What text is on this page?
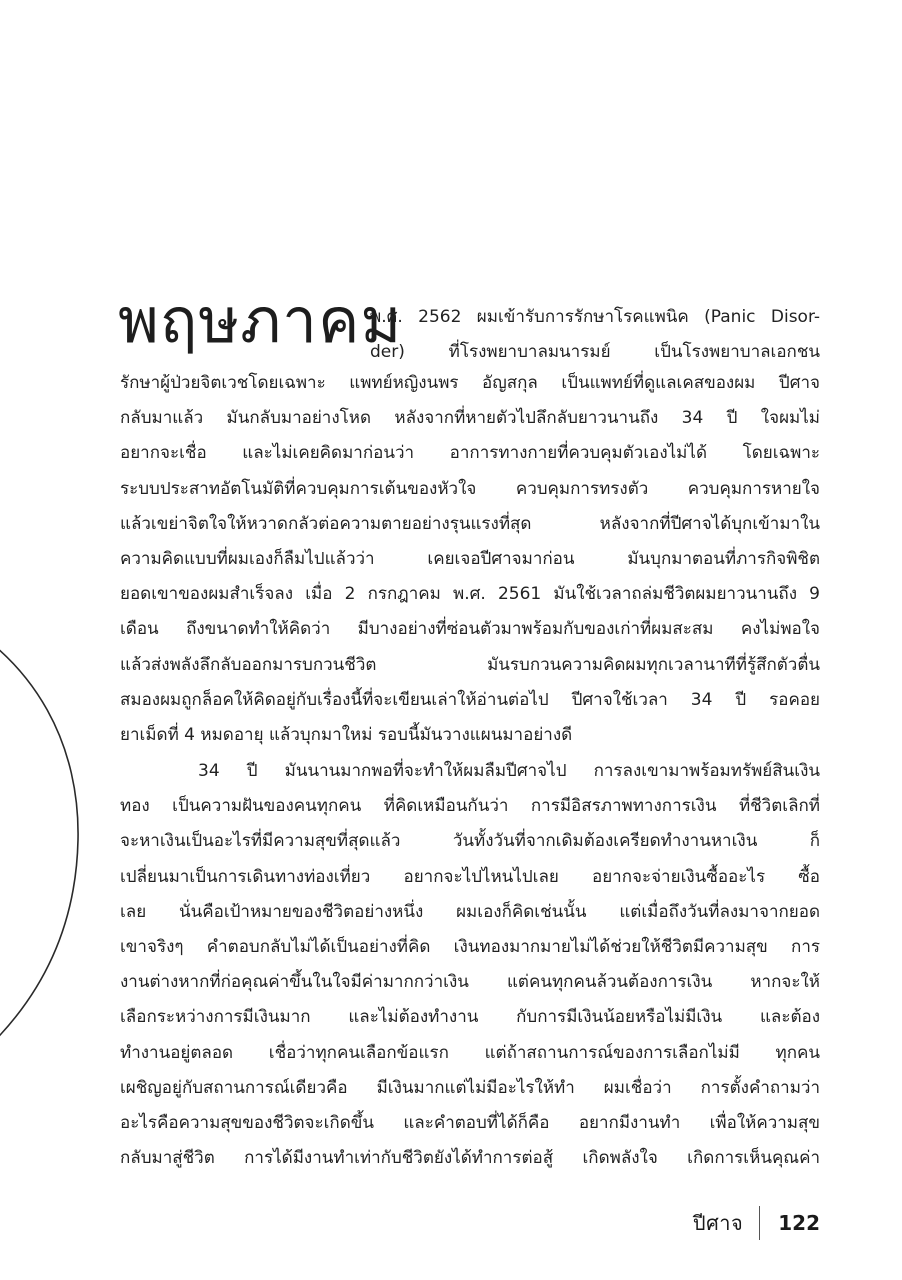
พฤษภาคม
พ.ศ. 2562 ผมเข้ารับการรักษาโรคแพนิค (Panic Disor-
der) ที่โรงพยาบาลมนารมย์ เป็นโรงพยาบาลเอกชน
รักษาผู้ป่วยจิตเวชโดยเฉพาะ แพทย์หญิงนพร อัญสกุล เป็นแพทย์ที่ดูแลเคสของผม ปีศาจ
กลับมาแล้ว มันกลับมาอย่างโหด หลังจากที่หายตัวไปลึกลับยาวนานถึง 34 ปี ใจผมไม่
อยากจะเชื่อ และไม่เคยคิดมาก่อนว่า อาการทางกายที่ควบคุมตัวเองไม่ได้ โดยเฉพาะ
ระบบประสาทอัตโนมัติที่ควบคุมการเต้นของหัวใจ ควบคุมการทรงตัว ควบคุมการหายใจ
แล้วเขย่าจิตใจให้หวาดกลัวต่อความตายอย่างรุนแรงที่สุด หลังจากที่ปีศาจได้บุกเข้ามาใน
ความคิดแบบที่ผมเองก็ลืมไปแล้วว่า เคยเจอปีศาจมาก่อน มันบุกมาตอนที่ภารกิจพิชิต
ยอดเขาของผมสำเร็จลง เมื่อ 2 กรกฎาคม พ.ศ. 2561 มันใช้เวลาถล่มชีวิตผมยาวนานถึง 9
เดือน ถึงขนาดทำให้คิดว่า มีบางอย่างที่ซ่อนตัวมาพร้อมกับของเก่าที่ผมสะสม คงไม่พอใจ
แล้วส่งพลังลึกลับออกมารบกวนชีวิต มันรบกวนความคิดผมทุกเวลานาทีที่รู้สึกตัวตื่น
สมองผมถูกล็อคให้คิดอยู่กับเรื่องนี้ที่จะเขียนเล่าให้อ่านต่อไป ปีศาจใช้เวลา 34 ปี รอคอย
ยาเม็ดที่ 4 หมดอายุ แล้วบุกมาใหม่ รอบนี้มันวางแผนมาอย่างดี
34 ปี มันนานมากพอที่จะทำให้ผมลืมปีศาจไป การลงเขามาพร้อมทรัพย์สินเงิน
ทอง เป็นความฝันของคนทุกคน ที่คิดเหมือนกันว่า การมีอิสรภาพทางการเงิน ที่ชีวิตเลิกที่
จะหาเงินเป็นอะไรที่มีความสุขที่สุดแล้ว วันทั้งวันที่จากเดิมต้องเครียดทำงานหาเงิน ก็
เปลี่ยนมาเป็นการเดินทางท่องเที่ยว อยากจะไปไหนไปเลย อยากจะจ่ายเงินซื้ออะไร ซื้อ
เลย นั่นคือเป้าหมายของชีวิตอย่างหนึ่ง ผมเองก็คิดเช่นนั้น แต่เมื่อถึงวันที่ลงมาจากยอด
เขาจริงๆ คำตอบกลับไม่ได้เป็นอย่างที่คิด เงินทองมากมายไม่ได้ช่วยให้ชีวิตมีความสุข การ
งานต่างหากที่ก่อคุณค่าขึ้นในใจมีค่ามากกว่าเงิน แต่คนทุกคนล้วนต้องการเงิน หากจะให้
เลือกระหว่างการมีเงินมาก และไม่ต้องทำงาน กับการมีเงินน้อยหรือไม่มีเงิน และต้อง
ทำงานอยู่ตลอด เชื่อว่าทุกคนเลือกข้อแรก แต่ถ้าสถานการณ์ของการเลือกไม่มี ทุกคน
เผชิญอยู่กับสถานการณ์เดียวคือ มีเงินมากแต่ไม่มีอะไรให้ทำ ผมเชื่อว่า การตั้งคำถามว่า
อะไรคือความสุขของชีวิตจะเกิดขึ้น และคำตอบที่ได้ก็คือ อยากมีงานทำ เพื่อให้ความสุข
กลับมาสู่ชีวิต การได้มีงานทำเท่ากับชีวิตยังได้ทำการต่อสู้ เกิดพลังใจ เกิดการเห็นคุณค่า
ปีศาจ 122
